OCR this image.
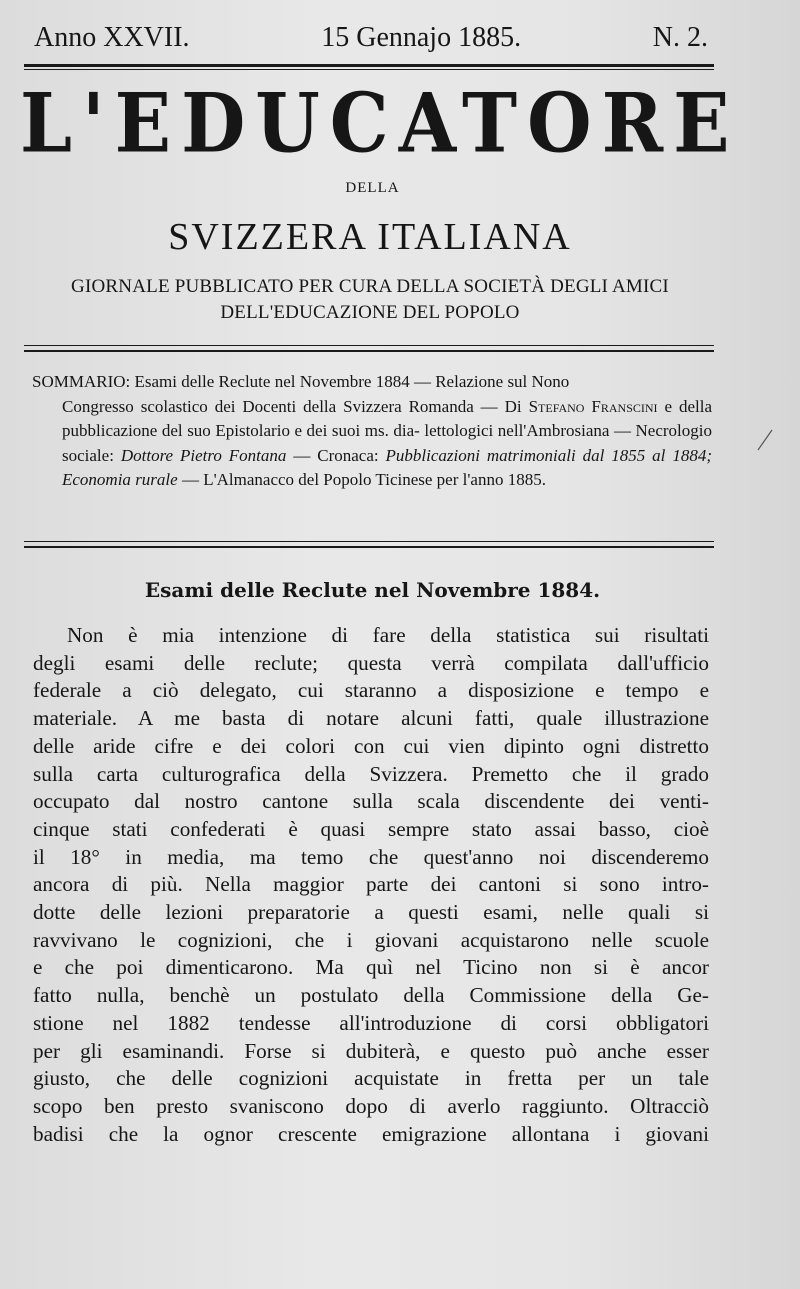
Anno XXVII.	15 Gennajo 1885.	N. 2.
L'EDUCATORE
DELLA
SVIZZERA ITALIANA
GIORNALE PUBBLICATO PER CURA DELLA SOCIETÀ DEGLI AMICI
DELL'EDUCAZIONE DEL POPOLO
SOMMARIO: Esami delle Reclute nel Novembre 1884 — Relazione sul Nono
Congresso scolastico dei Docenti della Svizzera Romanda — Di Stefano Franscini e della pubblicazione del suo Epistolario e dei suoi ms. dia- lettologici nell'Ambrosiana — Necrologio sociale: Dottore Pietro Fontana — Cronaca: Pubblicazioni matrimoniali dal 1855 al 1884; Economia rurale — L'Almanacco del Popolo Ticinese per l'anno 1885.
Esami delle Reclute nel Novembre 1884.
Non è mia intenzione di fare della statistica sui risultati
degli esami delle reclute; questa verrà compilata dall'ufficio
federale a ciò delegato, cui staranno a disposizione e tempo e
materiale. A me basta di notare alcuni fatti, quale illustrazione
delle aride cifre e dei colori con cui vien dipinto ogni distretto
sulla carta culturografica della Svizzera. Premetto che il grado
occupato dal nostro cantone sulla scala discendente dei venti-
cinque stati confederati è quasi sempre stato assai basso, cioè
il 18° in media, ma temo che quest'anno noi discenderemo
ancora di più. Nella maggior parte dei cantoni si sono intro-
dotte delle lezioni preparatorie a questi esami, nelle quali si
ravvivano le cognizioni, che i giovani acquistarono nelle scuole
e che poi dimenticarono. Ma quì nel Ticino non si è ancor
fatto nulla, benchè un postulato della Commissione della Ge-
stione nel 1882 tendesse all'introduzione di corsi obbligatori
per gli esaminandi. Forse si dubiterà, e questo può anche esser
giusto, che delle cognizioni acquistate in fretta per un tale
scopo ben presto svaniscono dopo di averlo raggiunto. Oltracciò
badisi che la ognor crescente emigrazione allontana i giovani
